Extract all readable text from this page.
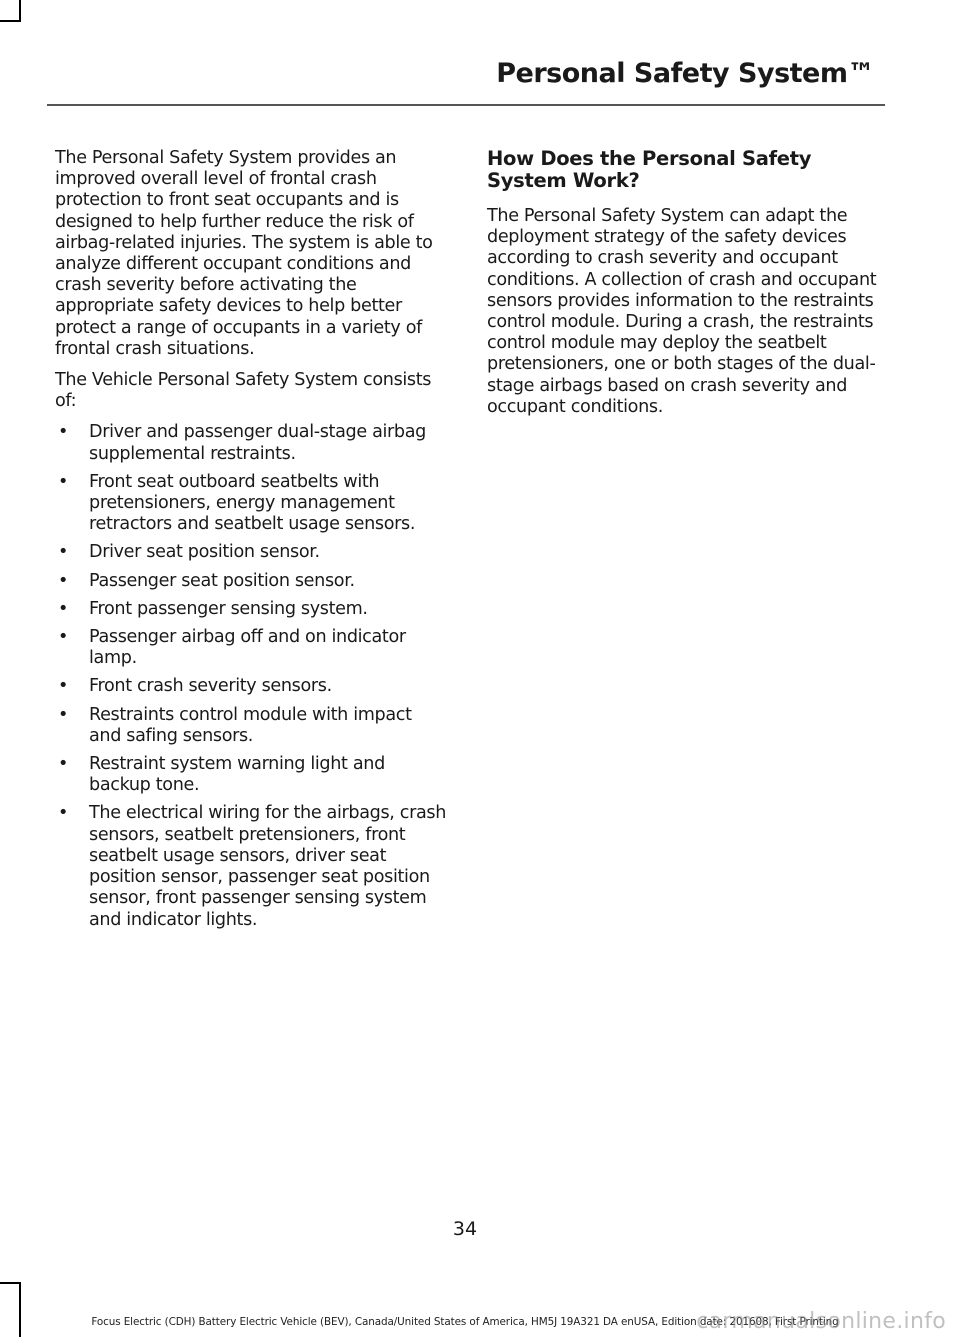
Personal Safety System™

The Personal Safety System provides an improved overall level of frontal crash protection to front seat occupants and is designed to help further reduce the risk of airbag-related injuries. The system is able to analyze different occupant conditions and crash severity before activating the appropriate safety devices to help better protect a range of occupants in a variety of frontal crash situations.

The Vehicle Personal Safety System consists of:

• Driver and passenger dual-stage airbag supplemental restraints.
• Front seat outboard seatbelts with pretensioners, energy management retractors and seatbelt usage sensors.
• Driver seat position sensor.
• Passenger seat position sensor.
• Front passenger sensing system.
• Passenger airbag off and on indicator lamp.
• Front crash severity sensors.
• Restraints control module with impact and safing sensors.
• Restraint system warning light and backup tone.
• The electrical wiring for the airbags, crash sensors, seatbelt pretensioners, front seatbelt usage sensors, driver seat position sensor, passenger seat position sensor, front passenger sensing system and indicator lights.
How Does the Personal Safety System Work?

The Personal Safety System can adapt the deployment strategy of the safety devices according to crash severity and occupant conditions. A collection of crash and occupant sensors provides information to the restraints control module. During a crash, the restraints control module may deploy the seatbelt pretensioners, one or both stages of the dual-stage airbags based on crash severity and occupant conditions.

34
Focus Electric (CDH) Battery Electric Vehicle (BEV), Canada/United States of America, HM5J 19A321 DA enUSA, Edition date: 201608, First Printing
carmanualsonline.info
